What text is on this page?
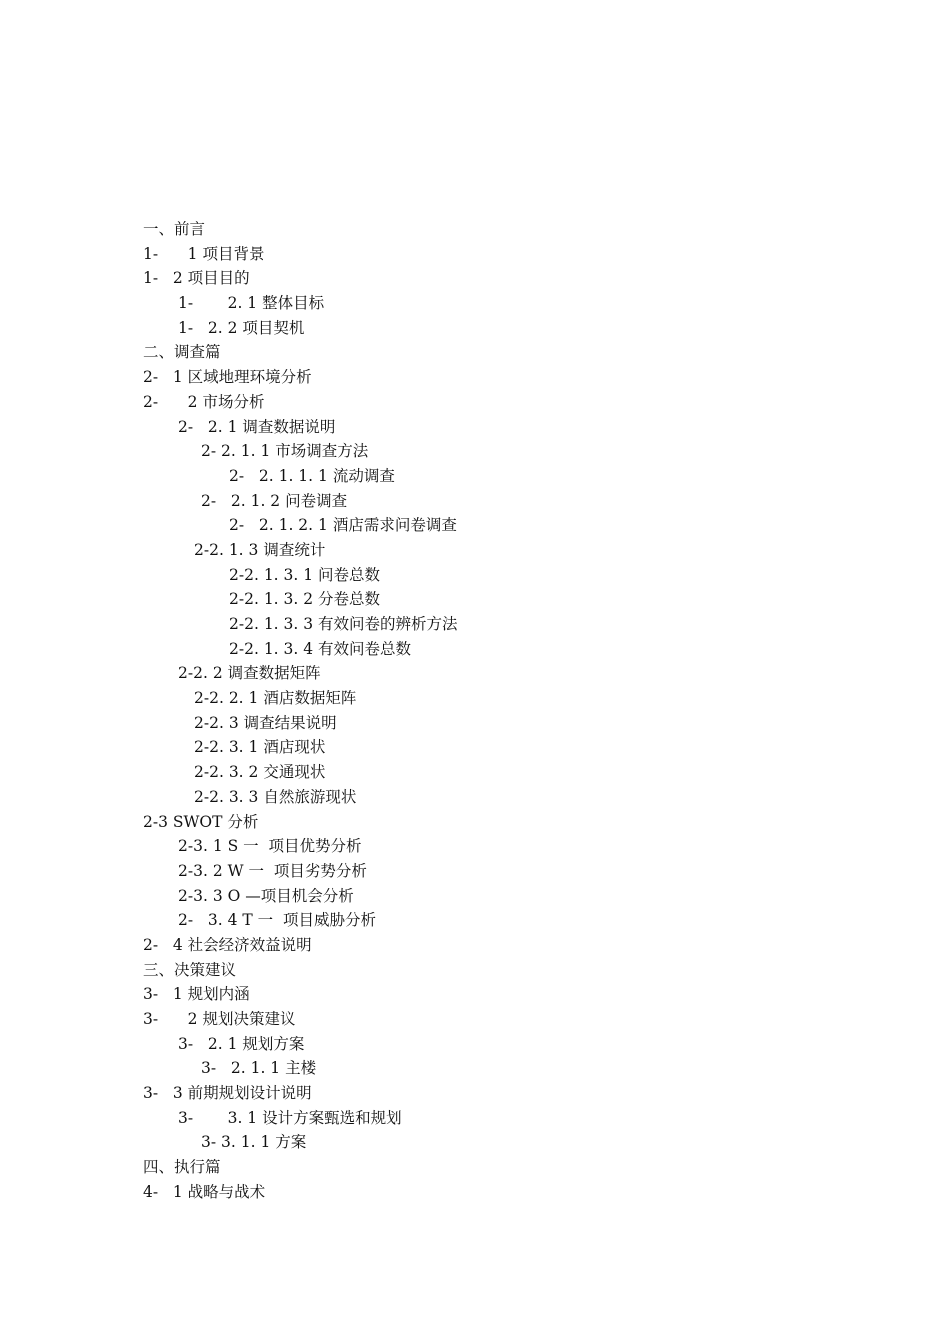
一、前言
1-      1 项目背景
1-   2 项目目的
1-       2. 1 整体目标
1-   2. 2 项目契机
二、调查篇
2-   1 区域地理环境分析
2-      2 市场分析
2-   2. 1 调查数据说明
2- 2. 1. 1 市场调查方法
2-   2. 1. 1. 1 流动调查
2-   2. 1. 2 问卷调查
2-   2. 1. 2. 1 酒店需求问卷调查
2-2. 1. 3 调查统计
2-2. 1. 3. 1 问卷总数
2-2. 1. 3. 2 分卷总数
2-2. 1. 3. 3 有效问卷的辨析方法
2-2. 1. 3. 4 有效问卷总数
2-2. 2 调查数据矩阵
2-2. 2. 1 酒店数据矩阵
2-2. 3 调查结果说明
2-2. 3. 1 酒店现状
2-2. 3. 2 交通现状
2-2. 3. 3 自然旅游现状
2-3 SWOT 分析
2-3. 1 S 一  项目优势分析
2-3. 2 W 一  项目劣势分析
2-3. 3 O —项目机会分析
2-   3. 4 T 一  项目威胁分析
2-   4 社会经济效益说明
三、决策建议
3-   1 规划内涵
3-      2 规划决策建议
3-   2. 1 规划方案
3-   2. 1. 1 主楼
3-   3 前期规划设计说明
3-       3. 1 设计方案甄选和规划
3- 3. 1. 1 方案
四、执行篇
4-   1 战略与战术
